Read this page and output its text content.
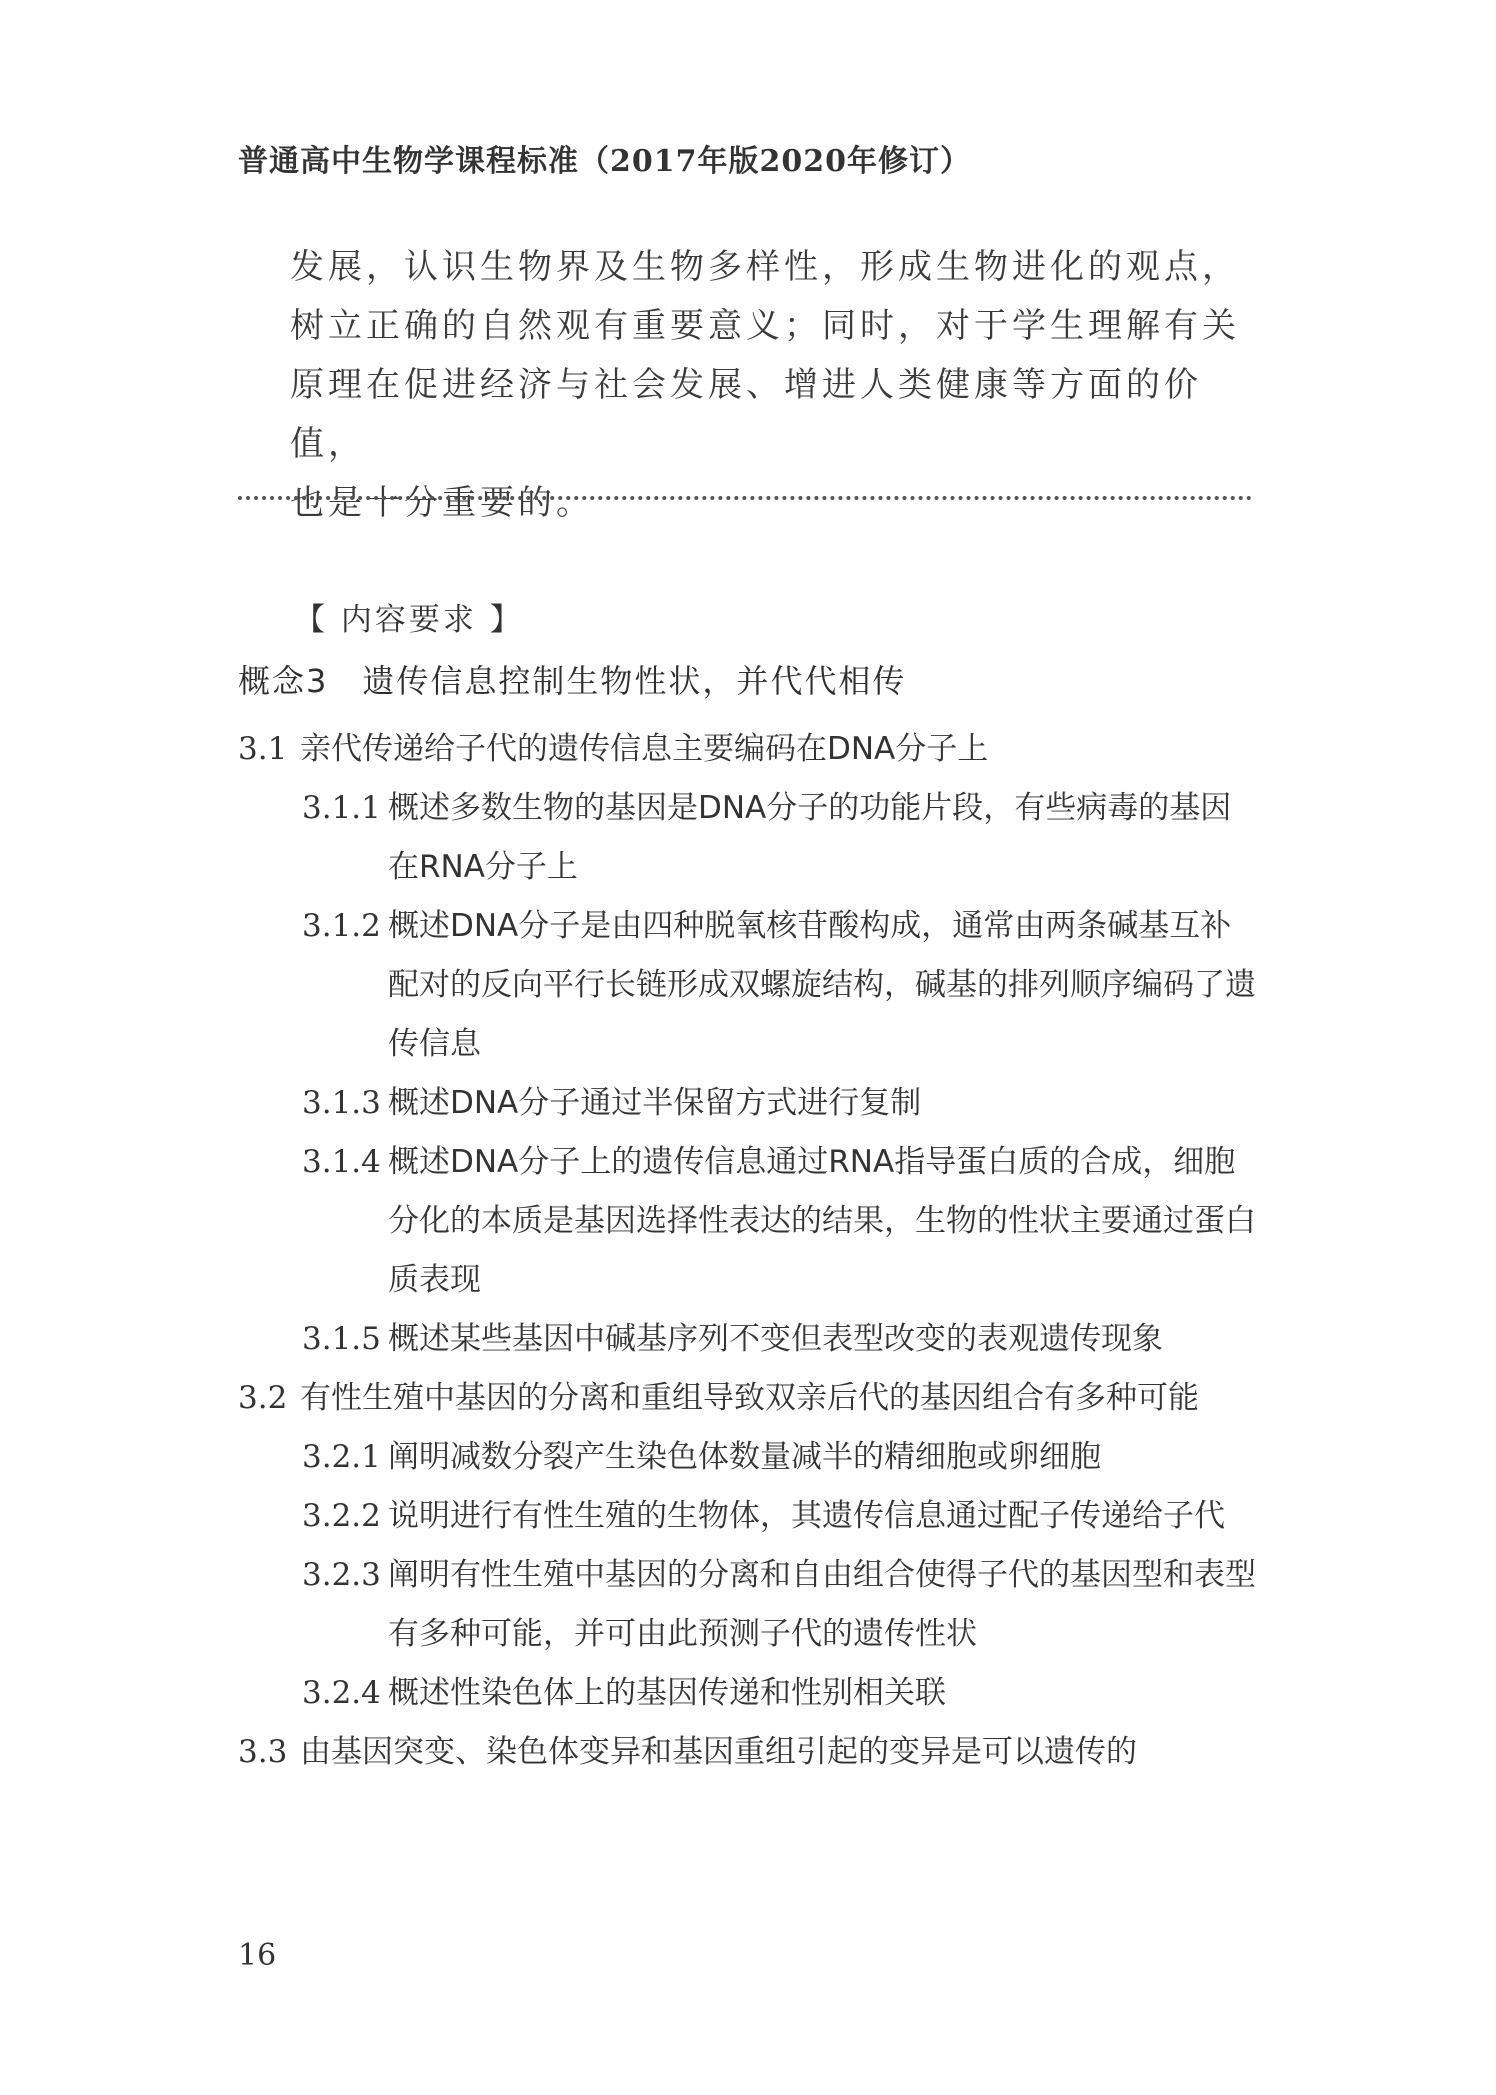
普通高中生物学课程标准（2017年版2020年修订）

发展，认识生物界及生物多样性，形成生物进化的观点，

树立正确的自然观有重要意义；同时，对于学生理解有关

原理在促进经济与社会发展、增进人类健康等方面的价值，

也是十分重要的。

【 内容要求 】
概念3　遗传信息控制生物性状，并代代相传
3.1 亲代传递给子代的遗传信息主要编码在DNA分子上
3.1.1 概述多数生物的基因是DNA分子的功能片段，有些病毒的基因在RNA分子上
3.1.2 概述DNA分子是由四种脱氧核苷酸构成，通常由两条碱基互补配对的反向平行长链形成双螺旋结构，碱基的排列顺序编码了遗传信息
3.1.3 概述DNA分子通过半保留方式进行复制
3.1.4 概述DNA分子上的遗传信息通过RNA指导蛋白质的合成，细胞分化的本质是基因选择性表达的结果，生物的性状主要通过蛋白质表现
3.1.5 概述某些基因中碱基序列不变但表型改变的表观遗传现象
3.2 有性生殖中基因的分离和重组导致双亲后代的基因组合有多种可能
3.2.1 阐明减数分裂产生染色体数量减半的精细胞或卵细胞
3.2.2 说明进行有性生殖的生物体，其遗传信息通过配子传递给子代
3.2.3 阐明有性生殖中基因的分离和自由组合使得子代的基因型和表型有多种可能，并可由此预测子代的遗传性状
3.2.4 概述性染色体上的基因传递和性别相关联
3.3 由基因突变、染色体变异和基因重组引起的变异是可以遗传的
16
